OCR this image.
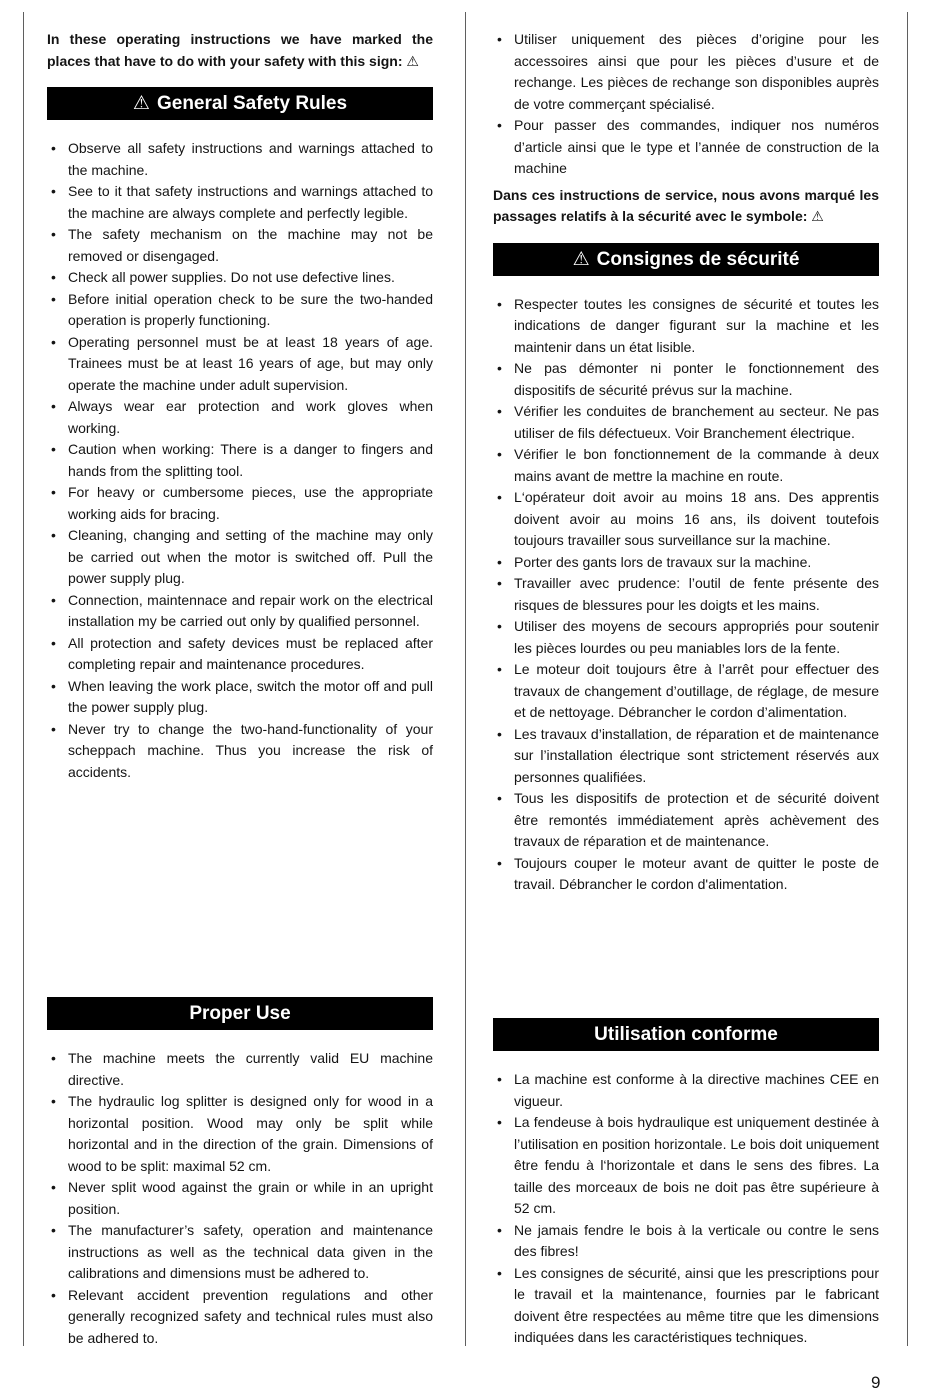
In these operating instructions we have marked the places that have to do with your safety with this sign: ⚠

⚠ General Safety Rules
• Observe all safety instructions and warnings attached to the machine.
• See to it that safety instructions and warnings attached to the machine are always complete and perfectly legible.
• The safety mechanism on the machine may not be removed or disengaged.
• Check all power supplies. Do not use defective lines.
• Before initial operation check to be sure the two-handed operation is properly functioning.
• Operating personnel must be at least 18 years of age. Trainees must be at least 16 years of age, but may only operate the machine under adult supervision.
• Always wear ear protection and work gloves when working.
• Caution when working: There is a danger to fingers and hands from the splitting tool.
• For heavy or cumbersome pieces, use the appropriate working aids for bracing.
• Cleaning, changing and setting of the machine may only be carried out when the motor is switched off. Pull the power supply plug.
• Connection, maintennace and repair work on the electrical installation my be carried out only by qualified personnel.
• All protection and safety devices must be replaced after completing repair and maintenance procedures.
• When leaving the work place, switch the motor off and pull the power supply plug.
• Never try to change the two-hand-functionality of your scheppach machine. Thus you increase the risk of accidents.
Proper Use
• The machine meets the currently valid EU machine directive.
• The hydraulic log splitter is designed only for wood in a horizontal position. Wood may only be split while horizontal and in the direction of the grain. Dimensions of wood to be split: maximal 52 cm.
• Never split wood against the grain or while in an upright position.
• The manufacturer’s safety, operation and maintenance instructions as well as the technical data given in the calibrations and dimensions must be adhered to.
• Relevant accident prevention regulations and other generally recognized safety and technical rules must also be adhered to.
• Utiliser uniquement des pièces d’origine pour les accessoires ainsi que pour les pièces d’usure et de rechange. Les pièces de rechange son disponibles auprès de votre commerçant spécialisé.
• Pour passer des commandes, indiquer nos numéros d’article ainsi que le type et l’année de construction de la machine

Dans ces instructions de service, nous avons marqué les passages relatifs à la sécurité avec le symbole: ⚠

⚠ Consignes de sécurité
• Respecter toutes les consignes de sécurité et toutes les indications de danger figurant sur la machine et les maintenir dans un état lisible.
• Ne pas démonter ni ponter le fonctionnement des dispositifs de sécurité prévus sur la machine.
• Vérifier les conduites de branchement au secteur. Ne pas utiliser de fils défectueux. Voir Branchement électrique.
• Vérifier le bon fonctionnement de la commande à deux mains avant de mettre la machine en route.
• L‘opérateur doit avoir au moins 18 ans. Des apprentis doivent avoir au moins 16 ans, ils doivent toutefois toujours travailler sous surveillance sur la machine.
• Porter des gants lors de travaux sur la machine.
• Travailler avec prudence: l’outil de fente présente des risques de blessures pour les doigts et les mains.
• Utiliser des moyens de secours appropriés pour soutenir les pièces lourdes ou peu maniables lors de la fente.
• Le moteur doit toujours être à l’arrêt pour effectuer des travaux de changement d’outillage, de réglage, de mesure et de nettoyage. Débrancher le cordon d’alimentation.
• Les travaux d’installation, de réparation et de maintenance sur l’installation électrique sont strictement réservés aux personnes qualifiées.
• Tous les dispositifs de protection et de sécurité doivent être remontés immédiatement après achèvement des travaux de réparation et de maintenance.
• Toujours couper le moteur avant de quitter le poste de travail. Débrancher le cordon d'alimentation.
Utilisation conforme
• La machine est conforme à la directive machines CEE en vigueur.
• La fendeuse à bois hydraulique est uniquement destinée à l’utilisation en position horizontale. Le bois doit uniquement être fendu à l‘horizontale et dans le sens des fibres. La taille des morceaux de bois ne doit pas être supérieure à 52 cm.
• Ne jamais fendre le bois à la verticale ou contre le sens des fibres!
• Les consignes de sécurité, ainsi que les prescriptions pour le travail et la maintenance, fournies par le fabricant doivent être respectées au même titre que les dimensions indiquées dans les caractéristiques techniques.
9
